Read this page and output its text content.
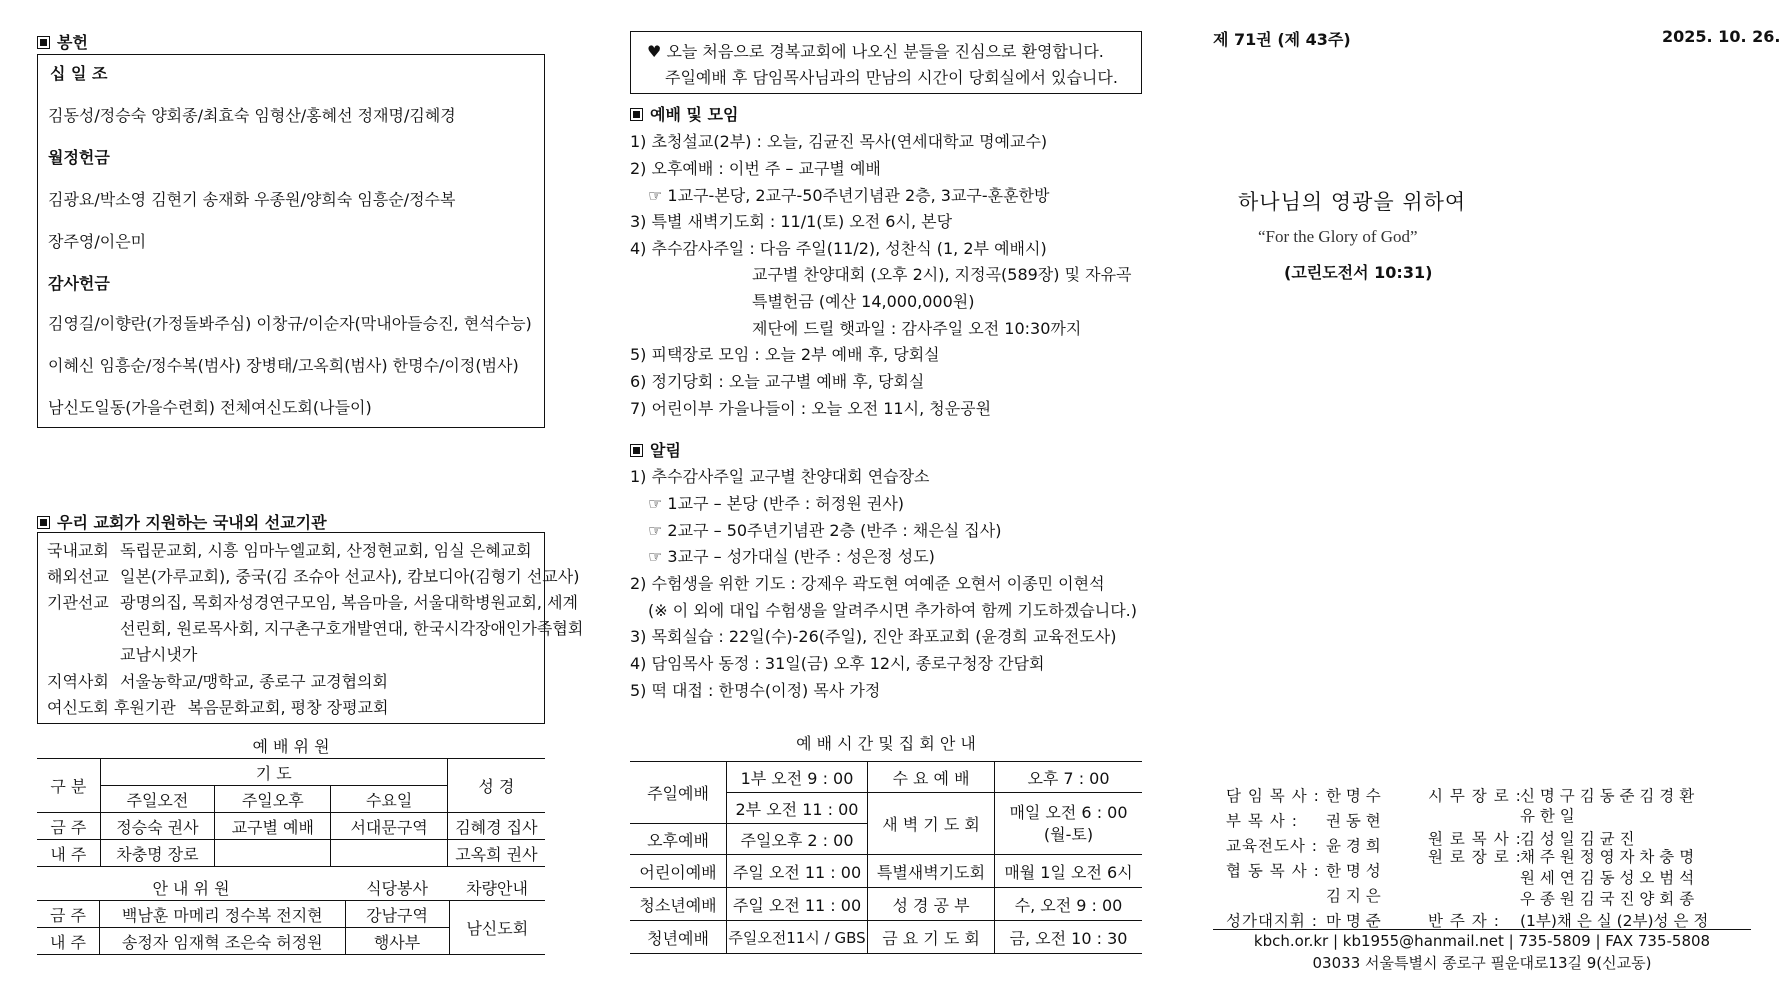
봉헌
십 일 조
김동성/정승숙 양회종/최효숙 임형산/홍혜선 정재명/김혜경
월정헌금
김광요/박소영 김현기 송재화 우종원/양희숙 임흥순/정수복
장주영/이은미
감사헌금
김영길/이향란(가정돌봐주심) 이창규/이순자(막내아들승진, 현석수능)
이혜신 임흥순/정수복(범사) 장병태/고옥희(범사) 한명수/이정(범사)
남신도일동(가을수련회) 전체여신도회(나들이)
우리 교회가 지원하는 국내외 선교기관
국내교회 독립문교회, 시흥 임마누엘교회, 산정현교회, 임실 은혜교회
해외선교 일본(가루교회), 중국(김 조슈아 선교사), 캄보디아(김형기 선교사)
기관선교 광명의집, 목회자성경연구모임, 복음마을, 서울대학병원교회, 세계
선린회, 원로목사회, 지구촌구호개발연대, 한국시각장애인가족협회
교남시냇가
지역사회 서울농학교/맹학교, 종로구 교경협의회
여신도회 후원기관 복음문화교회, 평창 장평교회
예 배 위 원
구 분	기 도			성 경
	주일오전	주일오후	수요일	
금 주	정승숙 권사	교구별 예배	서대문구역	김혜경 집사
내 주	차충명 장로			고옥희 권사
안 내 위 원		식당봉사	차량안내
금 주	백남훈 마메리 정수복 전지현	강남구역	남신도회
내 주	송정자 임재혁 조은숙 허정원	행사부	
♥ 오늘 처음으로 경복교회에 나오신 분들을 진심으로 환영합니다.
주일예배 후 담임목사님과의 만남의 시간이 당회실에서 있습니다.
예배 및 모임
1) 초청설교(2부) : 오늘, 김균진 목사(연세대학교 명예교수)
2) 오후예배 : 이번 주 – 교구별 예배
☞ 1교구-본당, 2교구-50주년기념관 2층, 3교구-훈훈한방
3) 특별 새벽기도회 : 11/1(토) 오전 6시, 본당
4) 추수감사주일 : 다음 주일(11/2), 성찬식 (1, 2부 예배시)
교구별 찬양대회 (오후 2시), 지정곡(589장) 및 자유곡
특별헌금 (예산 14,000,000원)
제단에 드릴 햇과일 : 감사주일 오전 10:30까지
5) 피택장로 모임 : 오늘 2부 예배 후, 당회실
6) 정기당회 : 오늘 교구별 예배 후, 당회실
7) 어린이부 가을나들이 : 오늘 오전 11시, 청운공원
알림
1) 추수감사주일 교구별 찬양대회 연습장소
☞ 1교구 – 본당 (반주 : 허정원 권사)
☞ 2교구 – 50주년기념관 2층 (반주 : 채은실 집사)
☞ 3교구 – 성가대실 (반주 : 성은정 성도)
2) 수험생을 위한 기도 : 강제우 곽도현 여예준 오현서 이종민 이현석
(※ 이 외에 대입 수험생을 알려주시면 추가하여 함께 기도하겠습니다.)
3) 목회실습 : 22일(수)-26(주일), 진안 좌포교회 (윤경희 교육전도사)
4) 담임목사 동정 : 31일(금) 오후 12시, 종로구청장 간담회
5) 떡 대접 : 한명수(이정) 목사 가정
예 배 시 간 및 집 회 안 내
주일예배	1부 오전 9 : 00	수 요 예 배	오후 7 : 00
	2부 오전 11 : 00	새 벽 기 도 회	매일 오전 6 : 00
(월-토)

오후예배	주일오후 2 : 00		
어린이예배	주일 오전 11 : 00	특별새벽기도회	매월 1일 오전 6시
청소년예배	주일 오전 11 : 00	성 경 공 부	수, 오전 9 : 00
청년예배	주일오전11시 / GBS	금 요 기 도 회	금, 오전 10 : 30
제 71권 (제 43주)	2025. 10. 26.
하나님의 영광을 위하여
“For the Glory of God”
(고린도전서 10:31)
담 임 목 사 : 한 명 수
부 목 사 : 권 동 현
교육전도사 : 윤 경 희
협 동 목 사 : 한 명 성
김 지 은
성가대지휘 : 마 명 준
시 무 장 로 :신 명 구 김 동 준 김 경 환
유 한 일
원 로 목 사 :김 성 일 김 균 진
원 로 장 로 :채 주 원 정 영 자 차 충 명
원 세 연 김 동 성 오 범 석
우 종 원 김 국 진 양 회 종
반 주 자 : (1부)채 은 실 (2부)성 은 정
kbch.or.kr | kb1955@hanmail.net | 735-5809 | FAX 735-5808
03033 서울특별시 종로구 필운대로13길 9(신교동)
